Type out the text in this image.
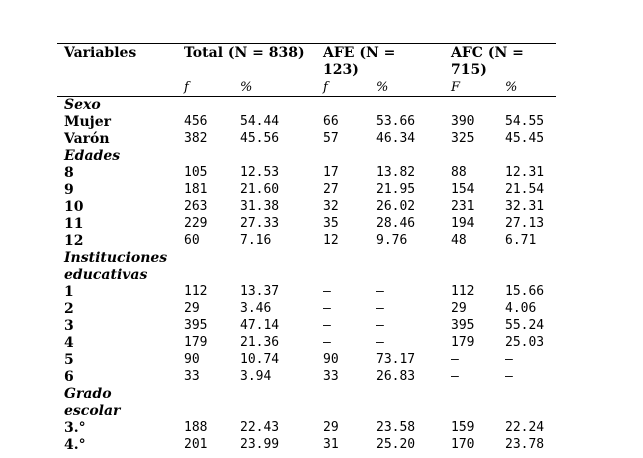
Variables	Total (N = 838) AFE (N =
123)
AFC (N =
715)
f	%	f	%	F	%
Sexo
Mujer	456	54.44	66	53.66	390 54.55
Varón	382	45.56	57	46.34	325 45.45
Edades
8	105	12.53	17	13.82	88	12.31
9	181	21.60	27	21.95	154 21.54
10	263	31.38	32	26.02	231 32.31
11	229	27.33	35	28.46	194 27.13
12	60	7.16	12	9.76	48	6.71
Instituciones
educativas
1	112	13.37	–	–	112 15.66
2	29	3.46	–	–	29	4.06
3	395	47.14	–	–	395 55.24
4	179	21.36	–	–	179 25.03
5	90	10.74	90	73.17	–	–
6	33	3.94	33	26.83	–	–
Grado
escolar
3.°	188	22.43	29	23.58	159 22.24
4.°	201	23.99	31	25.20	170 23.78
